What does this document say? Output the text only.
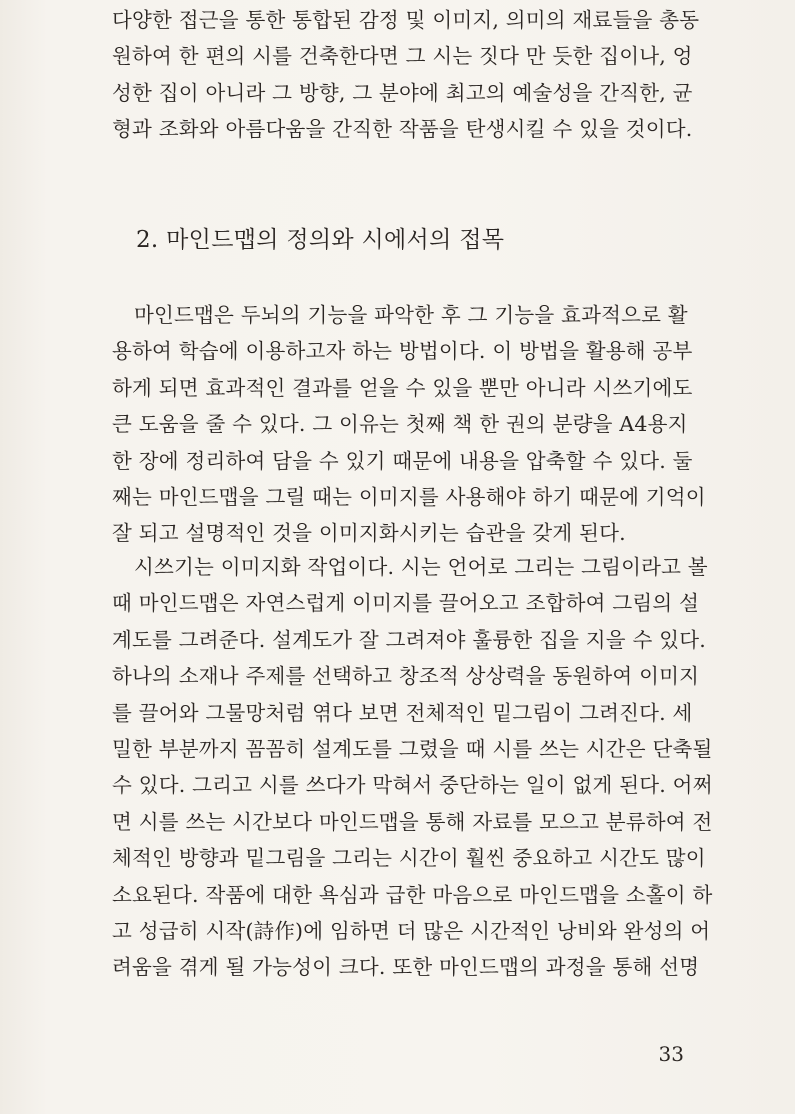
다양한 접근을 통한 통합된 감정 및 이미지, 의미의 재료들을 총동
원하여 한 편의 시를 건축한다면 그 시는 짓다 만 듯한 집이나, 엉
성한 집이 아니라 그 방향, 그 분야에 최고의 예술성을 간직한, 균
형과 조화와 아름다움을 간직한 작품을 탄생시킬 수 있을 것이다.
2. 마인드맵의 정의와 시에서의 접목
마인드맵은 두뇌의 기능을 파악한 후 그 기능을 효과적으로 활
용하여 학습에 이용하고자 하는 방법이다. 이 방법을 활용해 공부
하게 되면 효과적인 결과를 얻을 수 있을 뿐만 아니라 시쓰기에도
큰 도움을 줄 수 있다. 그 이유는 첫째 책 한 권의 분량을 A4용지
한 장에 정리하여 담을 수 있기 때문에 내용을 압축할 수 있다. 둘
째는 마인드맵을 그릴 때는 이미지를 사용해야 하기 때문에 기억이
잘 되고 설명적인 것을 이미지화시키는 습관을 갖게 된다.
시쓰기는 이미지화 작업이다. 시는 언어로 그리는 그림이라고 볼
때 마인드맵은 자연스럽게 이미지를 끌어오고 조합하여 그림의 설
계도를 그려준다. 설계도가 잘 그려져야 훌륭한 집을 지을 수 있다.
하나의 소재나 주제를 선택하고 창조적 상상력을 동원하여 이미지
를 끌어와 그물망처럼 엮다 보면 전체적인 밑그림이 그려진다. 세
밀한 부분까지 꼼꼼히 설계도를 그렸을 때 시를 쓰는 시간은 단축될
수 있다. 그리고 시를 쓰다가 막혀서 중단하는 일이 없게 된다. 어쩌
면 시를 쓰는 시간보다 마인드맵을 통해 자료를 모으고 분류하여 전
체적인 방향과 밑그림을 그리는 시간이 훨씬 중요하고 시간도 많이
소요된다. 작품에 대한 욕심과 급한 마음으로 마인드맵을 소홀이 하
고 성급히 시작(詩作)에 임하면 더 많은 시간적인 낭비와 완성의 어
려움을 겪게 될 가능성이 크다. 또한 마인드맵의 과정을 통해 선명
33
